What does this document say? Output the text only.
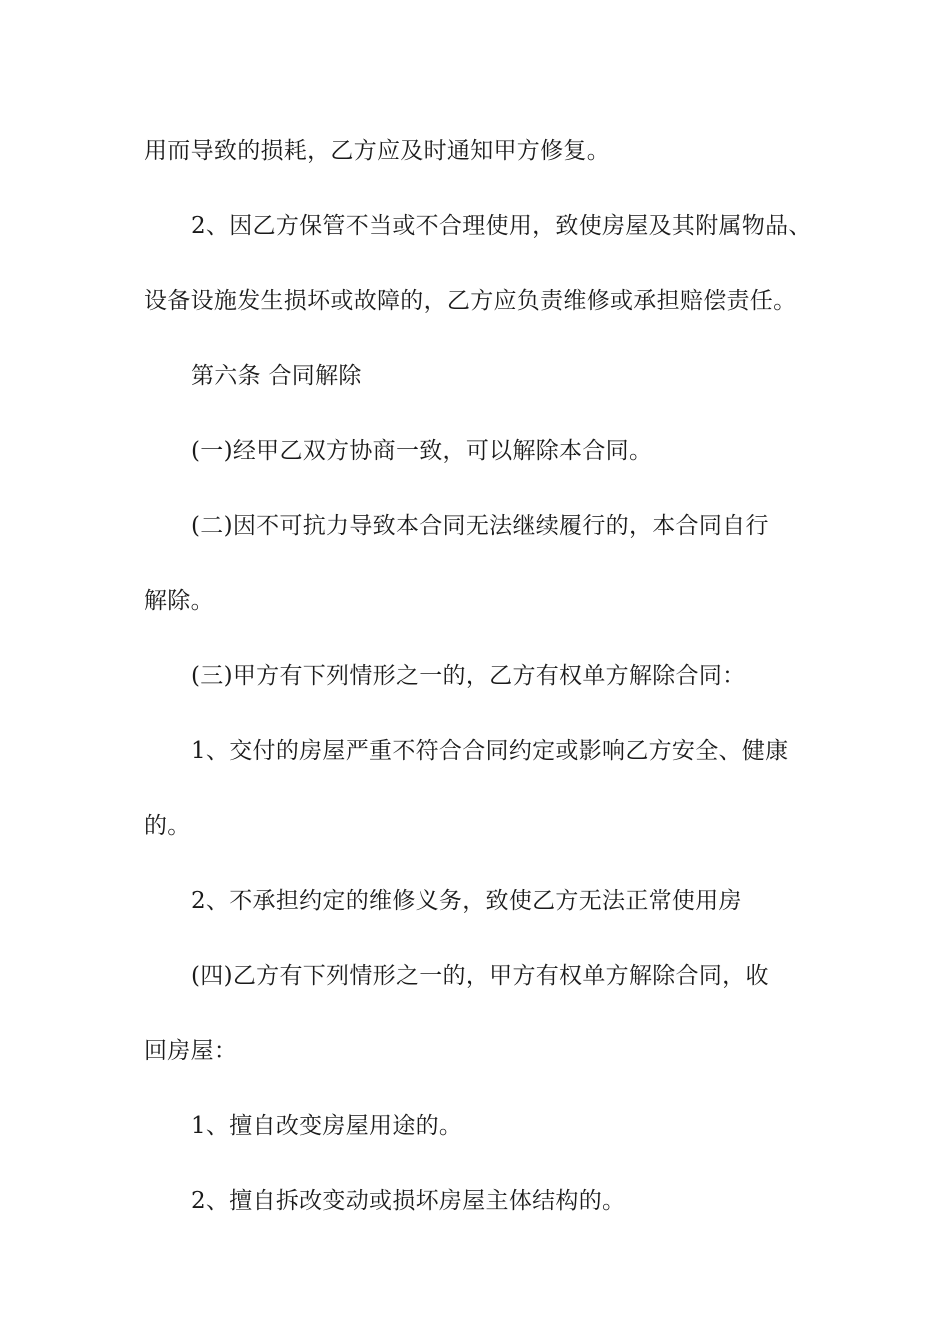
用而导致的损耗，乙方应及时通知甲方修复。

2、因乙方保管不当或不合理使用，致使房屋及其附属物品、

设备设施发生损坏或故障的，乙方应负责维修或承担赔偿责任。

第六条 合同解除

(一)经甲乙双方协商一致，可以解除本合同。

(二)因不可抗力导致本合同无法继续履行的，本合同自行

解除。

(三)甲方有下列情形之一的，乙方有权单方解除合同：

1、交付的房屋严重不符合合同约定或影响乙方安全、健康

的。

2、不承担约定的维修义务，致使乙方无法正常使用房

(四)乙方有下列情形之一的，甲方有权单方解除合同，收

回房屋：

1、擅自改变房屋用途的。

2、擅自拆改变动或损坏房屋主体结构的。
